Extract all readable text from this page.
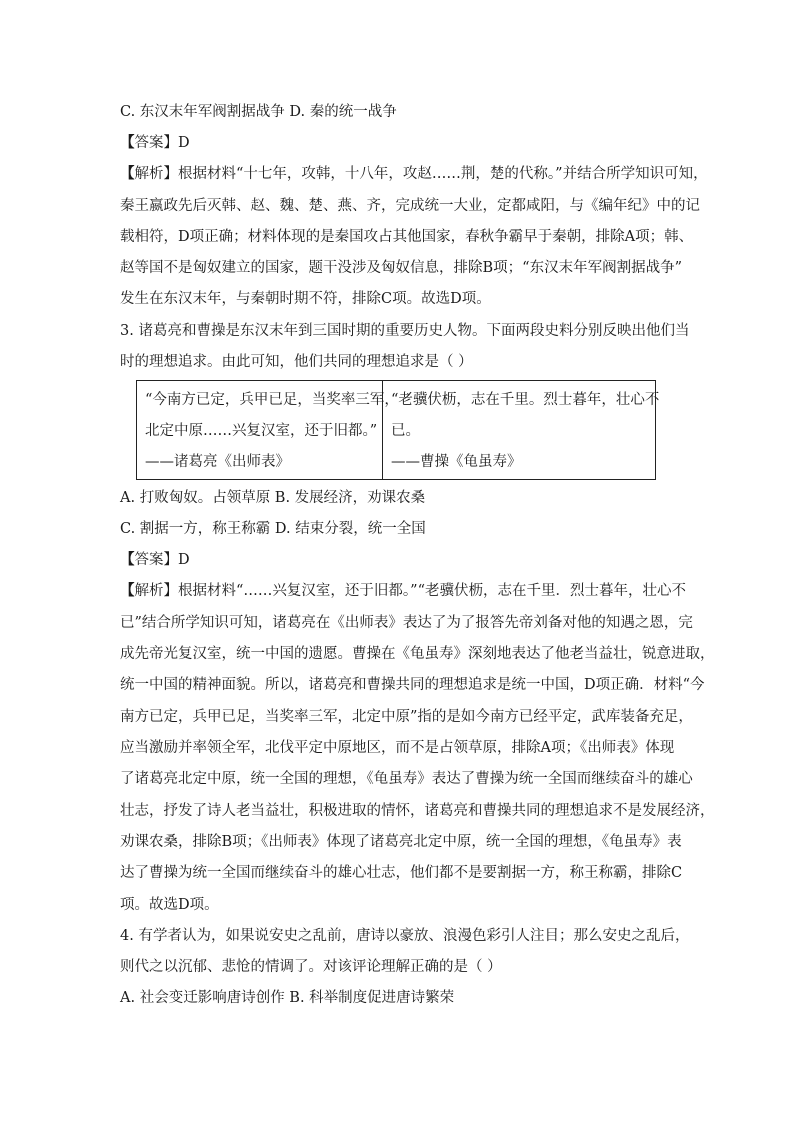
C. 东汉末年军阀割据战争 D. 秦的统一战争
【答案】D
【解析】根据材料“十七年，攻韩，十八年，攻赵……荆，楚的代称。”并结合所学知识可知，
秦王嬴政先后灭韩、赵、魏、楚、燕、齐，完成统一大业，定都咸阳，与《编年纪》中的记
载相符，D项正确；材料体现的是秦国攻占其他国家，春秋争霸早于秦朝，排除A项；韩、
赵等国不是匈奴建立的国家，题干没涉及匈奴信息，排除B项；“东汉末年军阀割据战争”
发生在东汉末年，与秦朝时期不符，排除C项。故选D项。
3. 诸葛亮和曹操是东汉末年到三国时期的重要历史人物。下面两段史料分别反映出他们当
时的理想追求。由此可知，他们共同的理想追求是（ ）
“今南方已定，兵甲已足，当奖率三军，
北定中原……兴复汉室，还于旧都。”
——诸葛亮《出师表》
“老骥伏枥，志在千里。烈士暮年，壮心不
已。
——曹操《龟虽寿》
A. 打败匈奴。占领草原 B. 发展经济，劝课农桑
C. 割据一方，称王称霸 D. 结束分裂，统一全国
【答案】D
【解析】根据材料“……兴复汉室，还于旧都。”“老骥伏枥，志在千里．烈士暮年，壮心不
已”结合所学知识可知，诸葛亮在《出师表》表达了为了报答先帝刘备对他的知遇之恩，完
成先帝光复汉室，统一中国的遗愿。曹操在《龟虽寿》深刻地表达了他老当益壮，锐意进取，
统一中国的精神面貌。所以，诸葛亮和曹操共同的理想追求是统一中国，D项正确．材料“今
南方已定，兵甲已足，当奖率三军，北定中原”指的是如今南方已经平定，武库装备充足，
应当激励并率领全军，北伐平定中原地区，而不是占领草原，排除A项；《出师表》体现
了诸葛亮北定中原，统一全国的理想，《龟虽寿》表达了曹操为统一全国而继续奋斗的雄心
壮志，抒发了诗人老当益壮，积极进取的情怀，诸葛亮和曹操共同的理想追求不是发展经济，
劝课农桑，排除B项；《出师表》体现了诸葛亮北定中原，统一全国的理想，《龟虽寿》表
达了曹操为统一全国而继续奋斗的雄心壮志，他们都不是要割据一方，称王称霸，排除C
项。故选D项。
4. 有学者认为，如果说安史之乱前，唐诗以豪放、浪漫色彩引人注目；那么安史之乱后，
则代之以沉郁、悲怆的情调了。对该评论理解正确的是（ ）
A. 社会变迁影响唐诗创作 B. 科举制度促进唐诗繁荣
